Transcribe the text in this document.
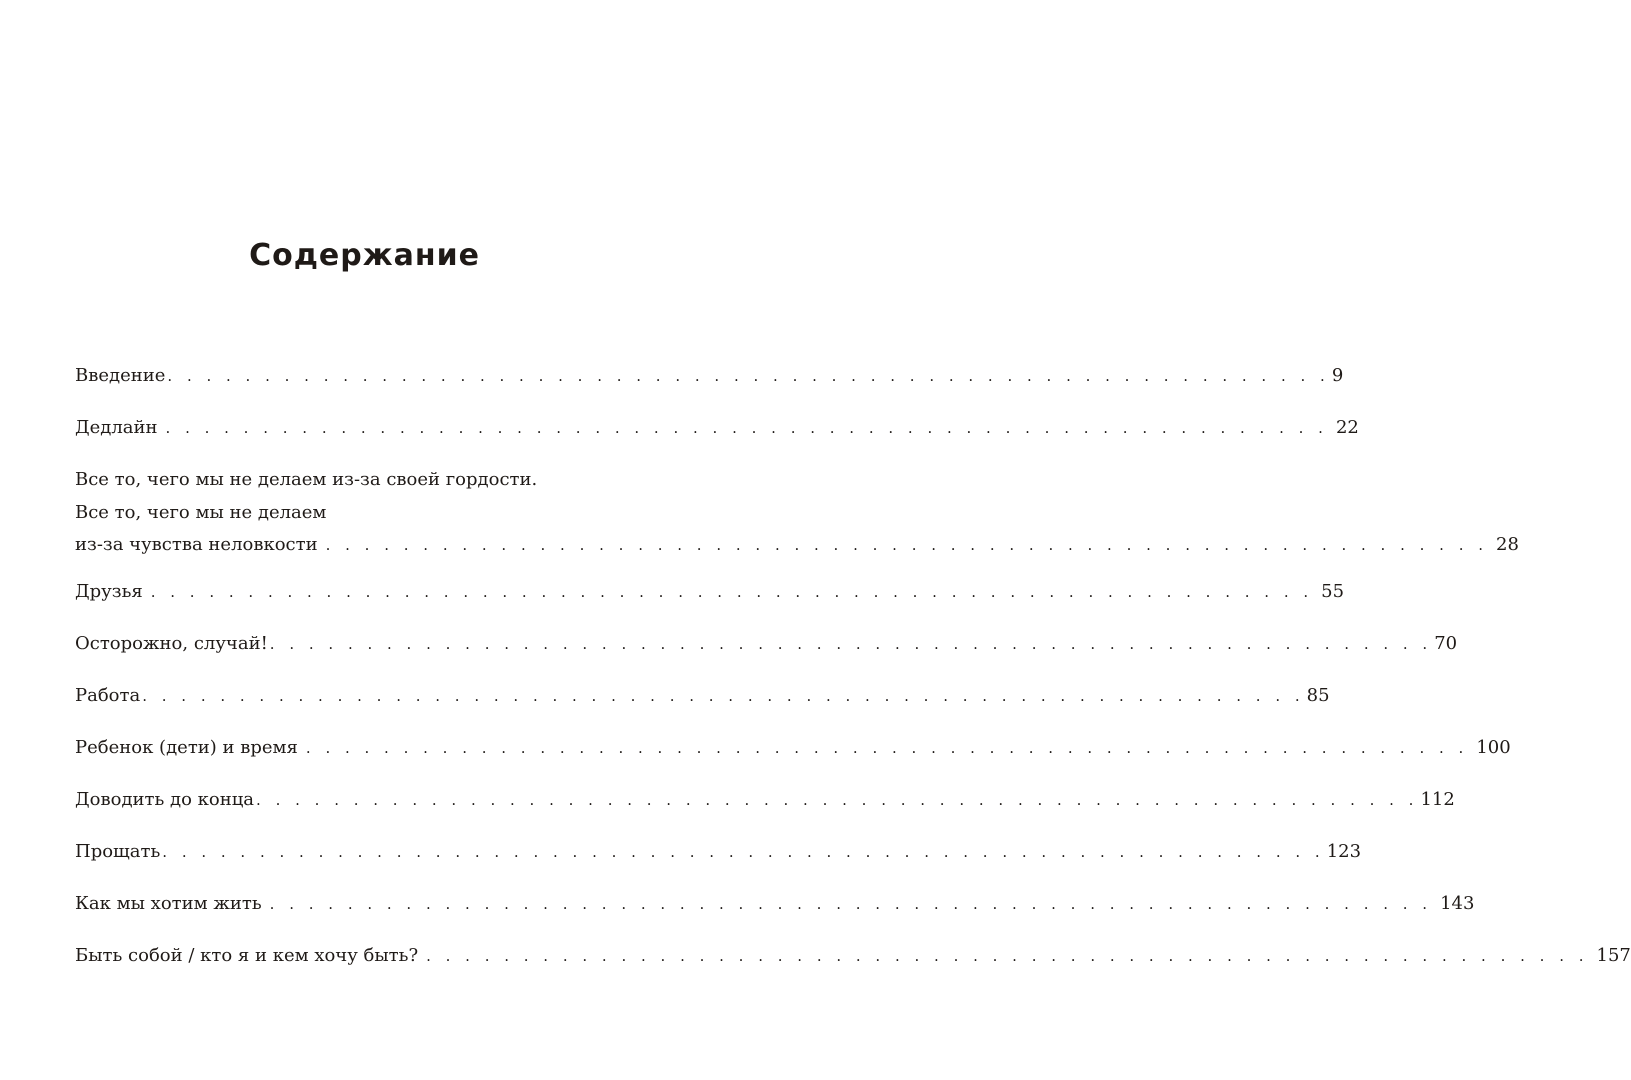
Содержание
Введение . . . . . . . . . . . . . . . . . . . . . . . . . . . . . . . . . . . . . . . . . . . . . . . . . . . . . . . . . . . . 9
Дедлайн . . . . . . . . . . . . . . . . . . . . . . . . . . . . . . . . . . . . . . . . . . . . . . . . . . . . . . . . . . . . 22
Все то, чего мы не делаем из-за своей гордости.
Все то, чего мы не делаем
из-за чувства неловкости . . . . . . . . . . . . . . . . . . . . . . . . . . . . . . . . . . . . . . . . . . . . . . . . . . . . . . . . . . . . 28
Друзья . . . . . . . . . . . . . . . . . . . . . . . . . . . . . . . . . . . . . . . . . . . . . . . . . . . . . . . . . . . . 55
Осторожно, случай! . . . . . . . . . . . . . . . . . . . . . . . . . . . . . . . . . . . . . . . . . . . . . . . . . . . . . . . . . . . . 70
Работа . . . . . . . . . . . . . . . . . . . . . . . . . . . . . . . . . . . . . . . . . . . . . . . . . . . . . . . . . . . . 85
Ребенок (дети) и время . . . . . . . . . . . . . . . . . . . . . . . . . . . . . . . . . . . . . . . . . . . . . . . . . . . . . . . . . . . . 100
Доводить до конца . . . . . . . . . . . . . . . . . . . . . . . . . . . . . . . . . . . . . . . . . . . . . . . . . . . . . . . . . . . . 112
Прощать . . . . . . . . . . . . . . . . . . . . . . . . . . . . . . . . . . . . . . . . . . . . . . . . . . . . . . . . . . . . 123
Как мы хотим жить . . . . . . . . . . . . . . . . . . . . . . . . . . . . . . . . . . . . . . . . . . . . . . . . . . . . . . . . . . . . 143
Быть собой / кто я и кем хочу быть? . . . . . . . . . . . . . . . . . . . . . . . . . . . . . . . . . . . . . . . . . . . . . . . . . . . . . . . . . . . . 157
